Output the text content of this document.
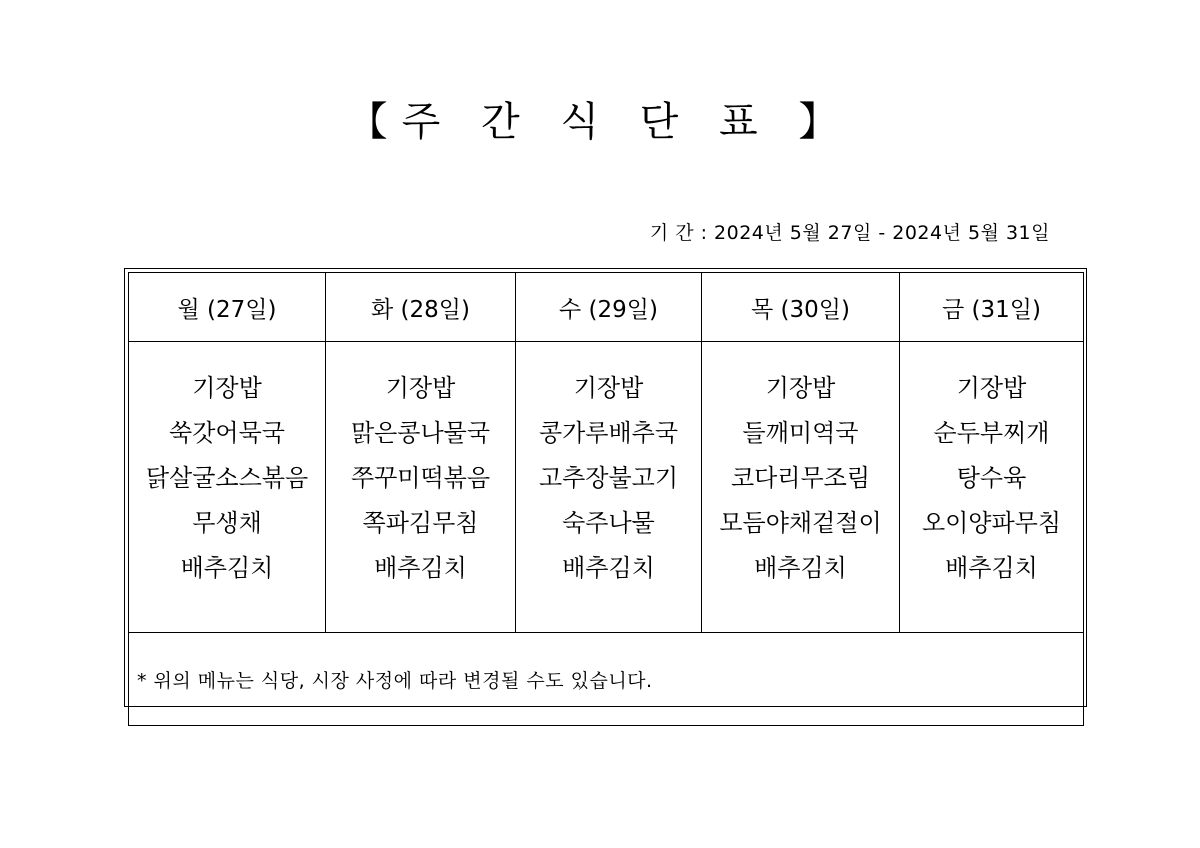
【주 간 식 단 표 】
기 간 : 2024년 5월 27일 - 2024년 5월 31일
월 (27일)	화 (28일)	수 (29일)	목 (30일)	금 (31일)

기장밥
쑥갓어묵국
닭살굴소스볶음
무생채
배추김치	기장밥
맑은콩나물국
쭈꾸미떡볶음
쪽파김무침
배추김치	기장밥
콩가루배추국
고추장불고기
숙주나물
배추김치	기장밥
들깨미역국
코다리무조림
모듬야채겉절이
배추김치	기장밥
순두부찌개
탕수육
오이양파무침
배추김치

* 위의 메뉴는 식당, 시장 사정에 따라 변경될 수도 있습니다.				
